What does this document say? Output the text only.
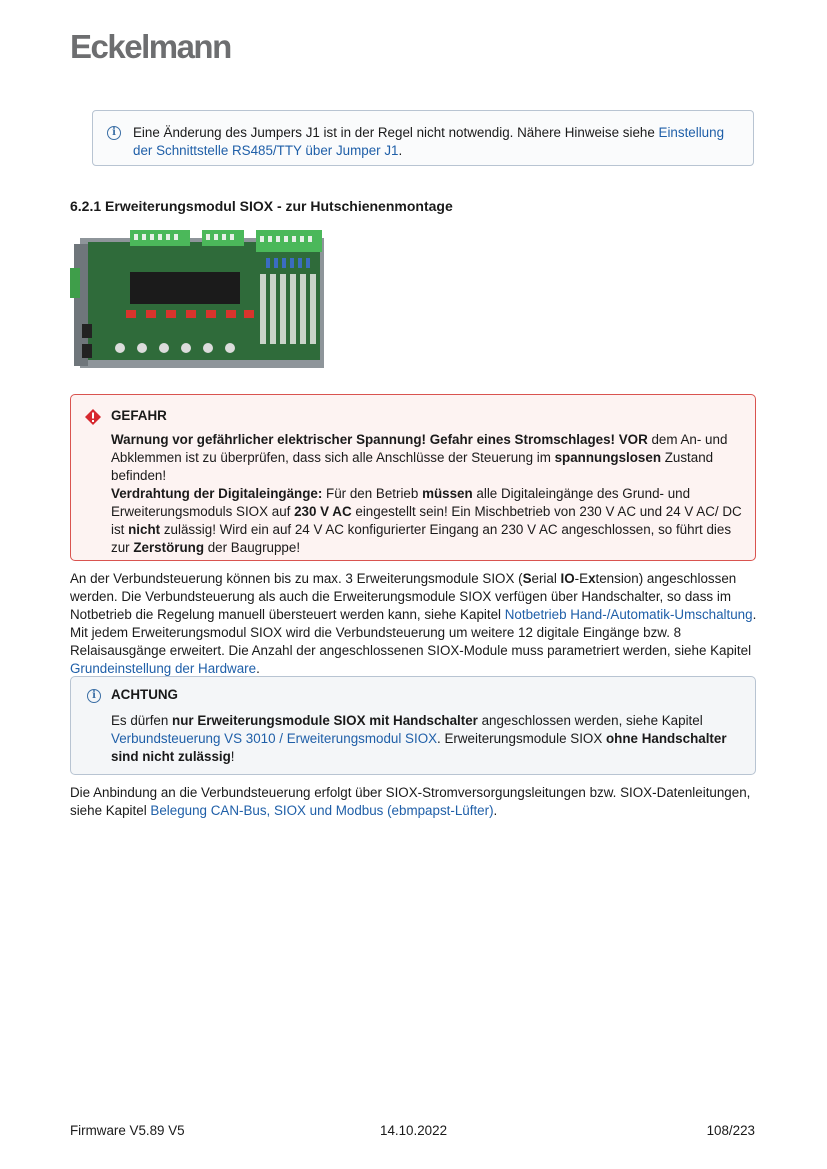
Eckelmann
i	Eine Änderung des Jumpers J1 ist in der Regel nicht notwendig. Nähere Hinweise siehe Einstellung der Schnittstelle RS485/TTY über Jumper J1.
6.2.1 Erweiterungsmodul SIOX - zur Hutschienenmontage
GEFAHR
Warnung vor gefährlicher elektrischer Spannung! Gefahr eines Stromschlages! VOR dem An- und Abklemmen ist zu überprüfen, dass sich alle Anschlüsse der Steuerung im spannungslosen Zustand befinden!
Verdrahtung der Digitaleingänge: Für den Betrieb müssen alle Digitaleingänge des Grund- und Erweiterungsmoduls SIOX auf 230 V AC eingestellt sein! Ein Mischbetrieb von 230 V AC und 24 V AC/ DC ist nicht zulässig! Wird ein auf 24 V AC konfigurierter Eingang an 230 V AC angeschlossen, so führt dies zur Zerstörung der Baugruppe!
An der Verbundsteuerung können bis zu max. 3 Erweiterungsmodule SIOX (Serial IO-Extension) angeschlossen werden. Die Verbundsteuerung als auch die Erweiterungsmodule SIOX verfügen über Handschalter, so dass im Notbetrieb die Regelung manuell übersteuert werden kann, siehe Kapitel Notbetrieb Hand-/Automatik-Umschaltung. Mit jedem Erweiterungsmodul SIOX wird die Verbundsteuerung um weitere 12 digitale Eingänge bzw. 8 Relaisausgänge erweitert. Die Anzahl der angeschlossenen SIOX-Module muss parametriert werden, siehe Kapitel Grundeinstellung der Hardware.
i	ACHTUNG
Es dürfen nur Erweiterungsmodule SIOX mit Handschalter angeschlossen werden, siehe Kapitel Verbundsteuerung VS 3010 / Erweiterungsmodul SIOX. Erweiterungsmodule SIOX ohne Handschalter sind nicht zulässig!
Die Anbindung an die Verbundsteuerung erfolgt über SIOX-Stromversorgungsleitungen bzw. SIOX-Datenleitungen, siehe Kapitel Belegung CAN-Bus, SIOX und Modbus (ebmpapst-Lüfter).
Firmware V5.89 V5	14.10.2022	108/223
